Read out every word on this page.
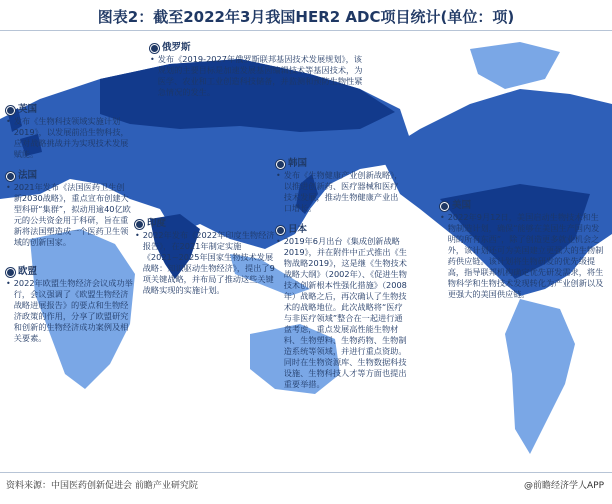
图表2：截至2022年3月我国HER2 ADC项目统计(单位：项)
俄罗斯
• 发布《2019-2027年俄罗斯联邦基因技术发展规划》，该规划的主要目标是加速发展基因编辑技术等基因技术，为医学、农业和工业创造科技储备，并监测和预防生物性紧急情况的发生。
英国
• 发布《生物科技领域实施计划2019》，以发展前沿生物科技，应对战略挑战并为实现技术发展赋能。
法国
• 2021年发布《法国医药卫生创新2030战略》，重点宣布创建大型科研“集群”，拟动用逾40亿欧元的公共资金用于科研，旨在重新将法国塑造成一个医药卫生领域的创新国家。
欧盟
• 2022年欧盟生物经济会议成功举行，会议强调了《欧盟生物经济战略进展报告》的要点和生物经济政策的作用，分享了欧盟研究和创新的生物经济成功案例及相关要素。
印度
• 2022年发布《2022年印度生物经济报告》，在2021年制定实施《2021~2025年国家生物技术发展战略：知识驱动生物经济》，提出了9项关键战略，并布局了推动这些关键战略实现的实施计划。
韩国
• 发布《生物健康产业创新战略》，以推进创新药、医疗器械和医疗技术发展，推动生物健康产业出口增长。
日本
• 2019年6月出台《集成创新战略2019》，并在附件中正式推出《生物战略2019》，这是继《生物技术战略大纲》（2002年）、《促进生物技术创新根本性强化措施》（2008年）战略之后，再次确认了生物技术的战略地位。此次战略将“医疗与非医疗领域”整合在一起进行通盘考虑，重点发展高性能生物材料、生物塑料、生物药物、生物制造系统等领域，并进行重点资助。同时在生物资源库、生物数据科技设施、生物科技人才等方面也提出重要举措。
美国
• 2022年9月12日，美国启动生物技术和生物制造计划，确保“能够在美国生产国内发明的所有东西”，除了创造更多就业机会之外，该计划还可为美国建立更强大的生物制药供应链。该计划将生物研发的优先级提高，指导联邦机构确定优先研发需求，将生物科学和生物技术发现转化为产业创新以及更强大的美国供应链。
资料来源：中国医药创新促进会 前瞻产业研究院	@前瞻经济学人APP
